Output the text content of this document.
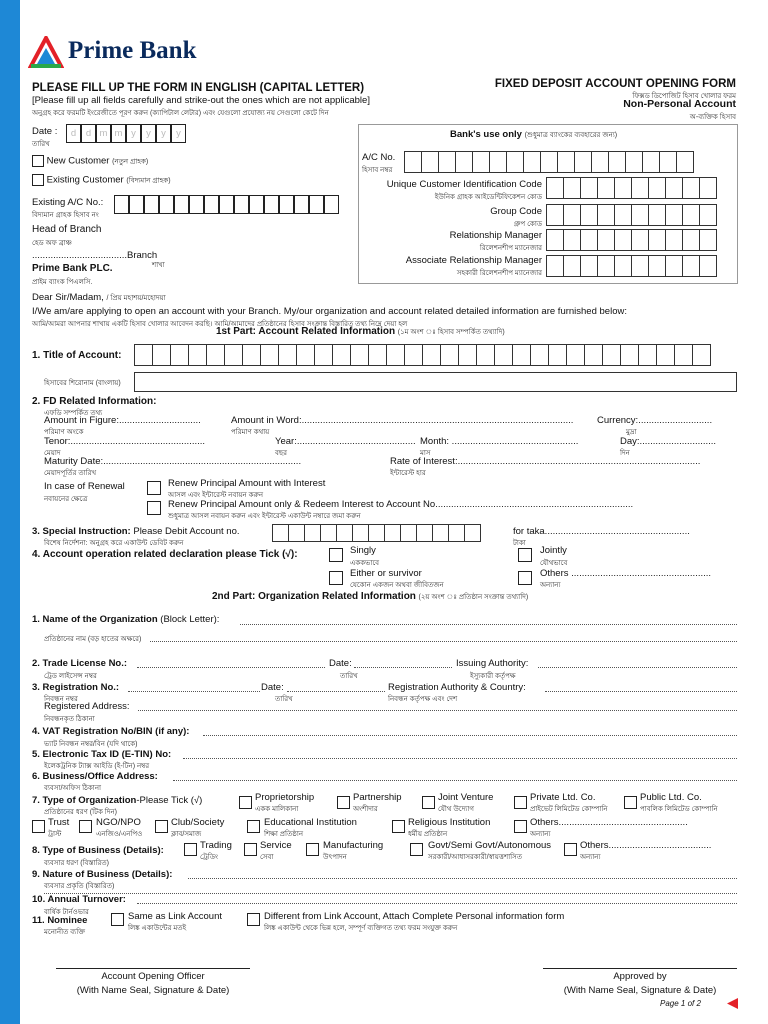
Prime Bank
PLEASE FILL UP THE FORM IN ENGLISH (CAPITAL LETTER)
[Please fill up all fields carefully and strike-out the ones which are not applicable]
অনুগ্রহ করে ফরমটি ইংরেজীতে পূরণ করুন (ক্যাপিটাল লেটার) এবং যেগুলো প্রযোজ্য নয় সেগুলো কেটে দিন
FIXED DEPOSIT ACCOUNT OPENING FORM
ফিক্সড ডিপোজিট হিসাব খোলার ফরম
Non-Personal Account
অ-ব্যক্তিক হিসাব
Date :
তারিখ
d	d m m y	y	y	y
New Customer (নতুন গ্রাহক)
Existing Customer (বিদ্যমান গ্রাহক)
Existing A/C No.:
বিদ্যমান গ্রাহক হিসাব নং
Head of Branch
হেড অফ ব্রাঞ্চ
....................................Branch
শাখা
Prime Bank PLC.
প্রাইম ব্যাংক পিএলসি.
Bank's use only (শুধুমাত্র ব্যাংকের ব্যবহারের জন্য)
A/C No.
হিসাব নম্বর
Unique Customer Identification Code
ইউনিক গ্রাহক আইডেন্টিফিকেশন কোড
Group Code
গ্রুপ কোড
Relationship Manager
রিলেশনশীপ ম্যানেজার
Associate Relationship Manager
সহকারী রিলেশনশীপ ম্যানেজার
Dear Sir/Madam, / প্রিয় মহাশয়/মহোদয়া
I/We am/are applying to open an account with your Branch. My/our organization and account related detailed information are furnished below:
আমি/আমরা আপনার শাখায় একটি হিসাব খোলার আবেদন করছি। আমি/আমাদের প্রতিষ্ঠানের হিসাব সংক্রান্ত বিস্তারিত তথ্য নিম্নে দেয়া হল
1st Part: Account Related Information (১ম অংশ ঃ হিসাব সম্পর্কিত তথ্যাদি)
1. Title of Account:
হিসাবের শিরোনাম (বাংলায়)
2. FD Related Information:
এফডি সম্পর্কিত তথ্য
Amount in Figure:...............................
পরিমাণ অংকে
Amount in Word:.......................................................................................................
পরিমাণ কথায়
Currency:............................
মুদ্রা
Tenor:...................................................
মেয়াদ
Year:.............................................
বছর
Month: ................................................
মাস
Day:.............................
দিন
Maturity Date:...........................................................................
মেয়াদপূর্তির তারিখ
Rate of Interest:............................................................................................
ইন্টারেস্ট হার
In case of Renewal
নবায়নের ক্ষেত্রে
Renew Principal Amount with Interest
আসল এবং ইন্টারেস্ট নবায়ন করুন
Renew Principal Amount only & Redeem Interest to Account No...........................................................................
শুধুমাত্র আসল নবায়ন করুন এবং ইন্টারেস্ট একাউন্ট নম্বারে জমা করুন
3. Special Instruction: Please Debit Account no.
বিশেষ নির্দেশনা: অনুগ্রহ করে একাউন্ট ডেবিট করুন
for taka.......................................................
টাকা
4. Account operation related declaration please Tick (√):	Singly
এককভাবে
Jointly
যৌথভাবে
Either or survivor
যেকোন একজন অথবা জীবিতজন
Others .....................................................
অন্যান্য
2nd Part: Organization Related Information (২য় অংশ ঃ প্রতিষ্ঠান সংক্রান্ত তথ্যাদি)
1. Name of the Organization (Block Letter):
প্রতিষ্ঠানের নাম (বড় হাতের অক্ষরে)
2. Trade License No.:
ট্রেড লাইসেন্স নম্বর
Date:
তারিখ
Issuing Authority:
ইস্যুকারী কর্তৃপক্ষ
3. Registration No.:
নিবন্ধন নম্বর
Date:
তারিখ
Registration Authority & Country:
নিবন্ধন কর্তৃপক্ষ এবং দেশ
Registered Address:
নিবন্ধনকৃত ঠিকানা
4. VAT Registration No/BIN (if any):
ভ্যাট নিবন্ধন নম্বর/বিন (যদি থাকে)
5. Electronic Tax ID (E-TIN) No:
ইলেকট্রনিক ট্যাক্স আইডি (ই-টিন) নম্বর
6. Business/Office Address:
ব্যবসা/অফিস ঠিকানা
7. Type of Organization-Please Tick (√)
প্রতিষ্ঠানের ধরণ (টিক দিন)
Proprietorship
একক মালিকানা
Partnership
অংশীদার
Joint Venture
যৌথ উদ্যোগ
Private Ltd. Co.
প্রাইভেট লিমিটেড কোম্পানি
Public Ltd. Co.
পাবলিক লিমিটেড কোম্পানি
Trust
ট্রাস্ট
NGO/NPO
এনজিও/এনপিও
Club/Society
ক্লাব/সমাজ
Educational Institution
শিক্ষা প্রতিষ্ঠান
Religious Institution
ধর্মীয় প্রতিষ্ঠান
Others.................................................
অন্যান্য
8. Type of Business (Details):
ব্যবসার ধরণ (বিস্তারিত)
Trading
ট্রেডিং
Service
সেবা
Manufacturing
উৎপাদন
Govt/Semi Govt/Autonomous
সরকারী/আধাসরকারী/স্বায়ত্তশাসিত
Others.......................................
অন্যান্য
9. Nature of Business (Details):
ব্যবসার প্রকৃতি (বিস্তারিত)
10. Annual Turnover:
বার্ষিক টার্নওভার
11. Nominee
মনোনীত ব্যক্তি
Same as Link Account
লিঙ্ক একাউন্টের মতই
Different from Link Account, Attach Complete Personal information form
লিঙ্ক একাউন্ট থেকে ভিন্ন হলে, সম্পূর্ণ ব্যক্তিগত তথ্য ফরম সংযুক্ত করুন
Account Opening Officer
(With Name Seal, Signature & Date)
Approved by
(With Name Seal, Signature & Date)
Page 1 of 2
